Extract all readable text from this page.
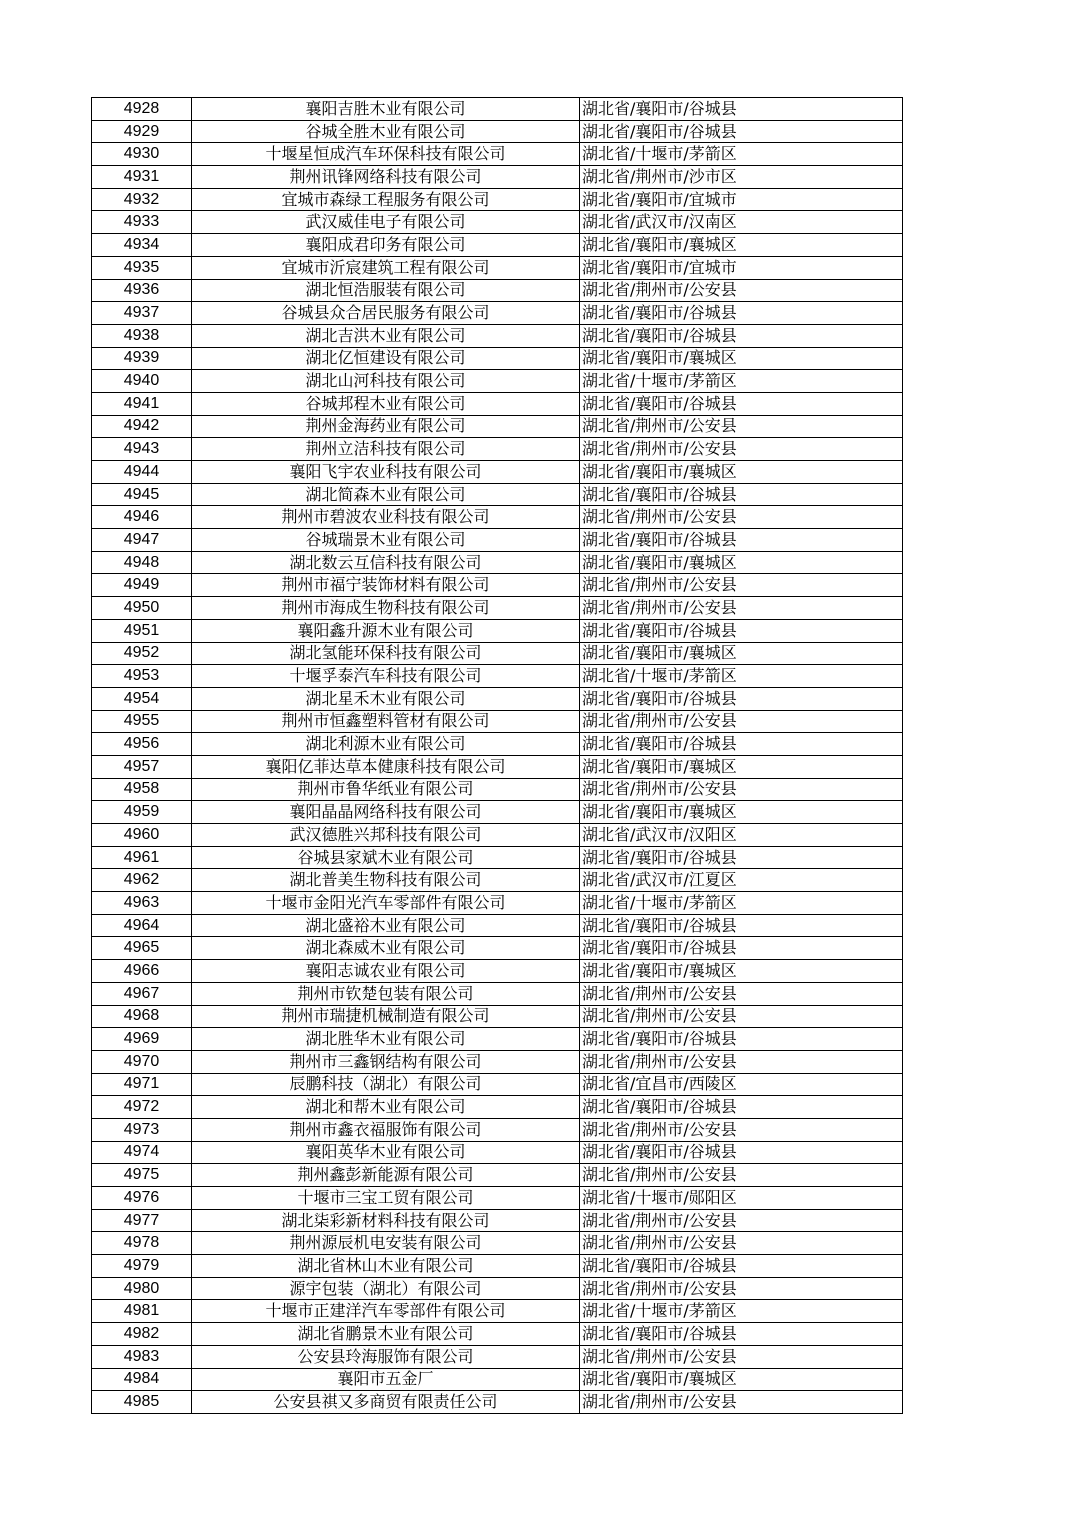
4928	襄阳吉胜木业有限公司	湖北省/襄阳市/谷城县
4929	谷城全胜木业有限公司	湖北省/襄阳市/谷城县
4930	十堰星恒成汽车环保科技有限公司	湖北省/十堰市/茅箭区
4931	荆州讯锋网络科技有限公司	湖北省/荆州市/沙市区
4932	宜城市森绿工程服务有限公司	湖北省/襄阳市/宜城市
4933	武汉威佳电子有限公司	湖北省/武汉市/汉南区
4934	襄阳成君印务有限公司	湖北省/襄阳市/襄城区
4935	宜城市沂宸建筑工程有限公司	湖北省/襄阳市/宜城市
4936	湖北恒浩服装有限公司	湖北省/荆州市/公安县
4937	谷城县众合居民服务有限公司	湖北省/襄阳市/谷城县
4938	湖北吉洪木业有限公司	湖北省/襄阳市/谷城县
4939	湖北亿恒建设有限公司	湖北省/襄阳市/襄城区
4940	湖北山河科技有限公司	湖北省/十堰市/茅箭区
4941	谷城邦程木业有限公司	湖北省/襄阳市/谷城县
4942	荆州金海药业有限公司	湖北省/荆州市/公安县
4943	荆州立洁科技有限公司	湖北省/荆州市/公安县
4944	襄阳飞宇农业科技有限公司	湖北省/襄阳市/襄城区
4945	湖北简森木业有限公司	湖北省/襄阳市/谷城县
4946	荆州市碧波农业科技有限公司	湖北省/荆州市/公安县
4947	谷城瑞景木业有限公司	湖北省/襄阳市/谷城县
4948	湖北数云互信科技有限公司	湖北省/襄阳市/襄城区
4949	荆州市福宁装饰材料有限公司	湖北省/荆州市/公安县
4950	荆州市海成生物科技有限公司	湖北省/荆州市/公安县
4951	襄阳鑫升源木业有限公司	湖北省/襄阳市/谷城县
4952	湖北氢能环保科技有限公司	湖北省/襄阳市/襄城区
4953	十堰孚泰汽车科技有限公司	湖北省/十堰市/茅箭区
4954	湖北星禾木业有限公司	湖北省/襄阳市/谷城县
4955	荆州市恒鑫塑料管材有限公司	湖北省/荆州市/公安县
4956	湖北利源木业有限公司	湖北省/襄阳市/谷城县
4957	襄阳亿菲达草本健康科技有限公司	湖北省/襄阳市/襄城区
4958	荆州市鲁华纸业有限公司	湖北省/荆州市/公安县
4959	襄阳晶晶网络科技有限公司	湖北省/襄阳市/襄城区
4960	武汉德胜兴邦科技有限公司	湖北省/武汉市/汉阳区
4961	谷城县家斌木业有限公司	湖北省/襄阳市/谷城县
4962	湖北普美生物科技有限公司	湖北省/武汉市/江夏区
4963	十堰市金阳光汽车零部件有限公司	湖北省/十堰市/茅箭区
4964	湖北盛裕木业有限公司	湖北省/襄阳市/谷城县
4965	湖北森威木业有限公司	湖北省/襄阳市/谷城县
4966	襄阳志诚农业有限公司	湖北省/襄阳市/襄城区
4967	荆州市钦楚包装有限公司	湖北省/荆州市/公安县
4968	荆州市瑞捷机械制造有限公司	湖北省/荆州市/公安县
4969	湖北胜华木业有限公司	湖北省/襄阳市/谷城县
4970	荆州市三鑫钢结构有限公司	湖北省/荆州市/公安县
4971	辰鹏科技（湖北）有限公司	湖北省/宜昌市/西陵区
4972	湖北和帮木业有限公司	湖北省/襄阳市/谷城县
4973	荆州市鑫衣福服饰有限公司	湖北省/荆州市/公安县
4974	襄阳英华木业有限公司	湖北省/襄阳市/谷城县
4975	荆州鑫彭新能源有限公司	湖北省/荆州市/公安县
4976	十堰市三宝工贸有限公司	湖北省/十堰市/郧阳区
4977	湖北柒彩新材料科技有限公司	湖北省/荆州市/公安县
4978	荆州源辰机电安装有限公司	湖北省/荆州市/公安县
4979	湖北省林山木业有限公司	湖北省/襄阳市/谷城县
4980	源宇包装（湖北）有限公司	湖北省/荆州市/公安县
4981	十堰市正建洋汽车零部件有限公司	湖北省/十堰市/茅箭区
4982	湖北省鹏景木业有限公司	湖北省/襄阳市/谷城县
4983	公安县玲海服饰有限公司	湖北省/荆州市/公安县
4984	襄阳市五金厂	湖北省/襄阳市/襄城区
4985	公安县祺又多商贸有限责任公司	湖北省/荆州市/公安县
